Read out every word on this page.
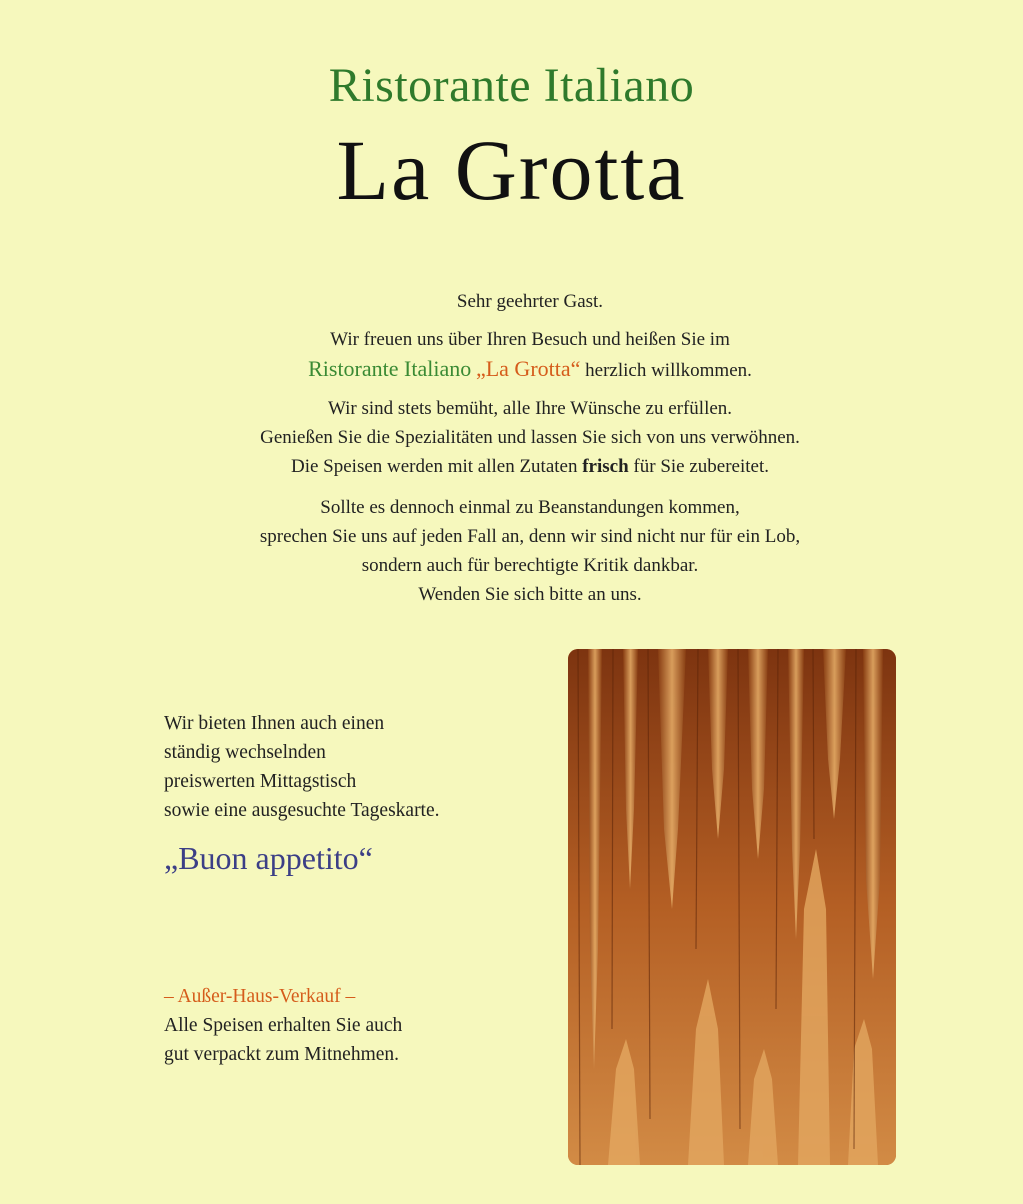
Ristorante Italiano
La Grotta
Sehr geehrter Gast.
Wir freuen uns über Ihren Besuch und heißen Sie im
Ristorante Italiano „La Grotta“ herzlich willkommen.
Wir sind stets bemüht, alle Ihre Wünsche zu erfüllen.
Genießen Sie die Spezialitäten und lassen Sie sich von uns verwöhnen.
Die Speisen werden mit allen Zutaten frisch für Sie zubereitet.
Sollte es dennoch einmal zu Beanstandungen kommen,
sprechen Sie uns auf jeden Fall an, denn wir sind nicht nur für ein Lob,
sondern auch für berechtigte Kritik dankbar.
Wenden Sie sich bitte an uns.
Wir bieten Ihnen auch einen
ständig wechselnden
preiswerten Mittagstisch
sowie eine ausgesuchte Tageskarte.
„Buon appetito“
– Außer-Haus-Verkauf –
Alle Speisen erhalten Sie auch
gut verpackt zum Mitnehmen.
